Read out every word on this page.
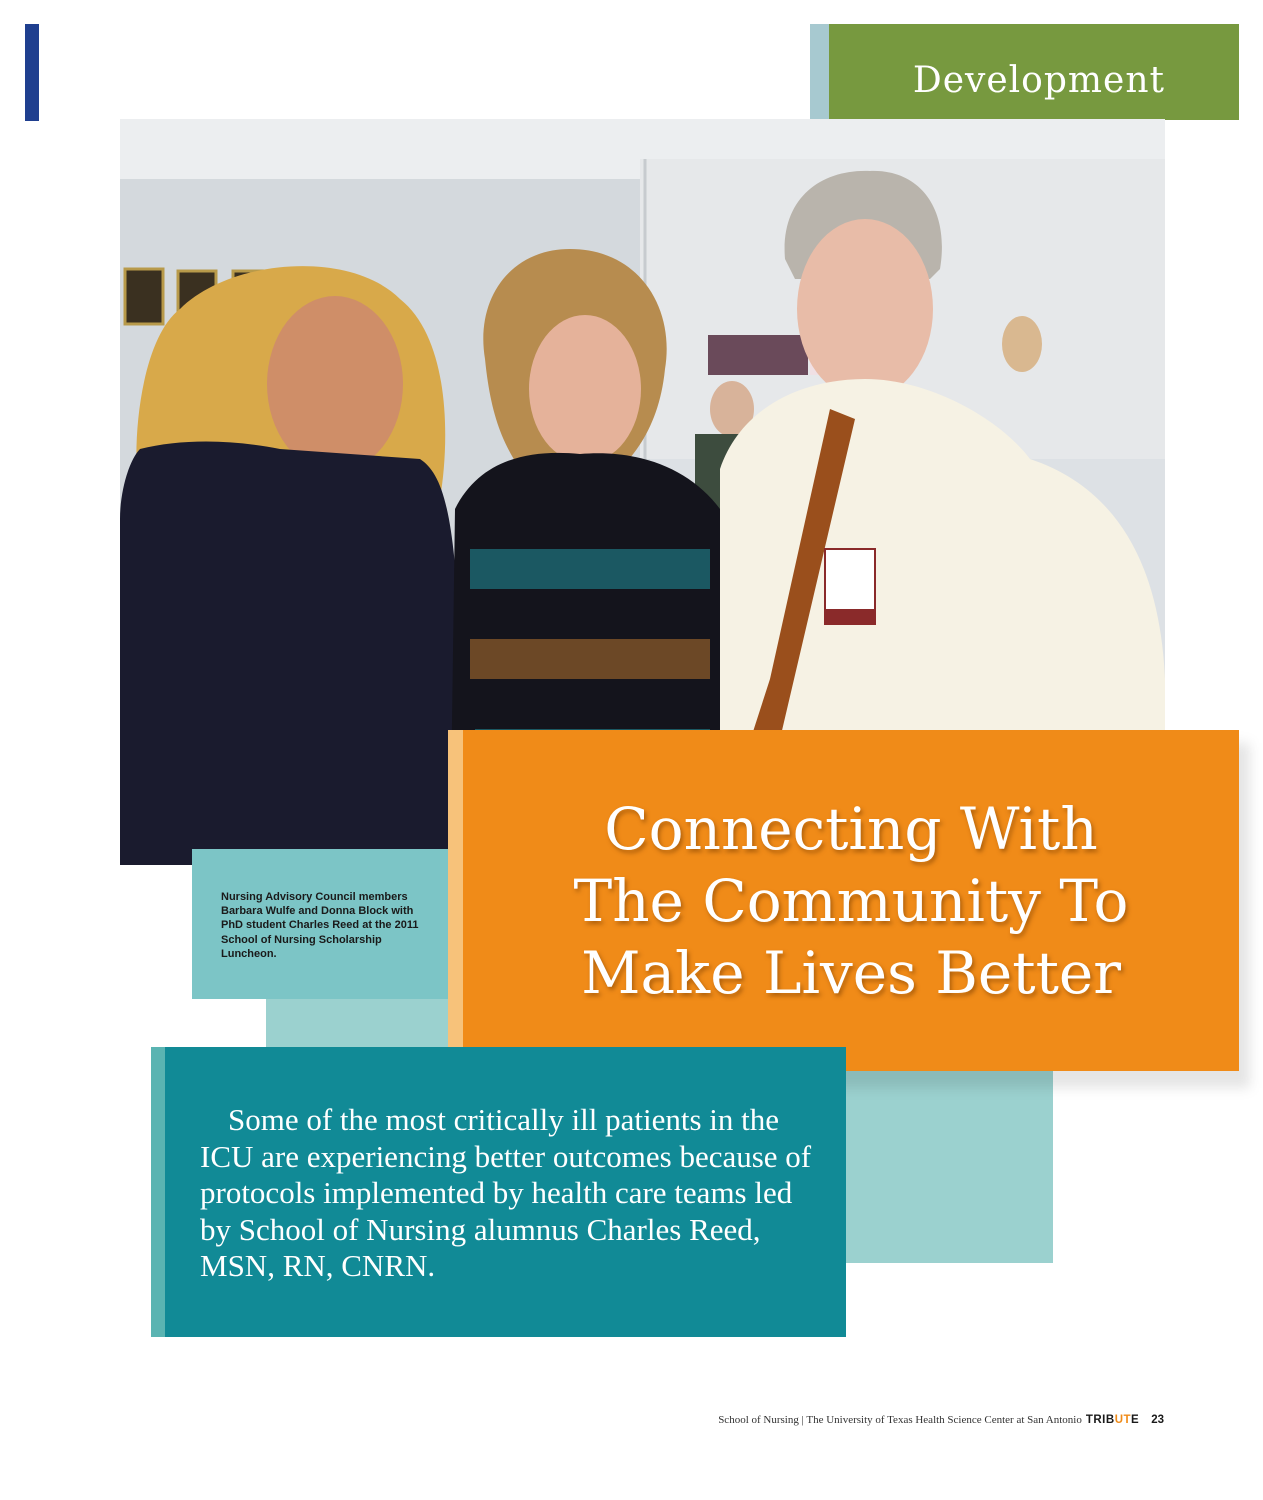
Development
Nursing Advisory Council members Barbara Wulfe and Donna Block with PhD student Charles Reed at the 2011 School of Nursing Scholarship Luncheon.
Connecting With
The Community To
Make Lives Better

Some of the most critically ill patients in the ICU are experiencing better outcomes because of protocols implemented by health care teams led by School of Nursing alumnus Charles Reed, MSN, RN, CNRN.

School of Nursing | The University of Texas Health Science Center at San Antonio TRIBUTE 23
